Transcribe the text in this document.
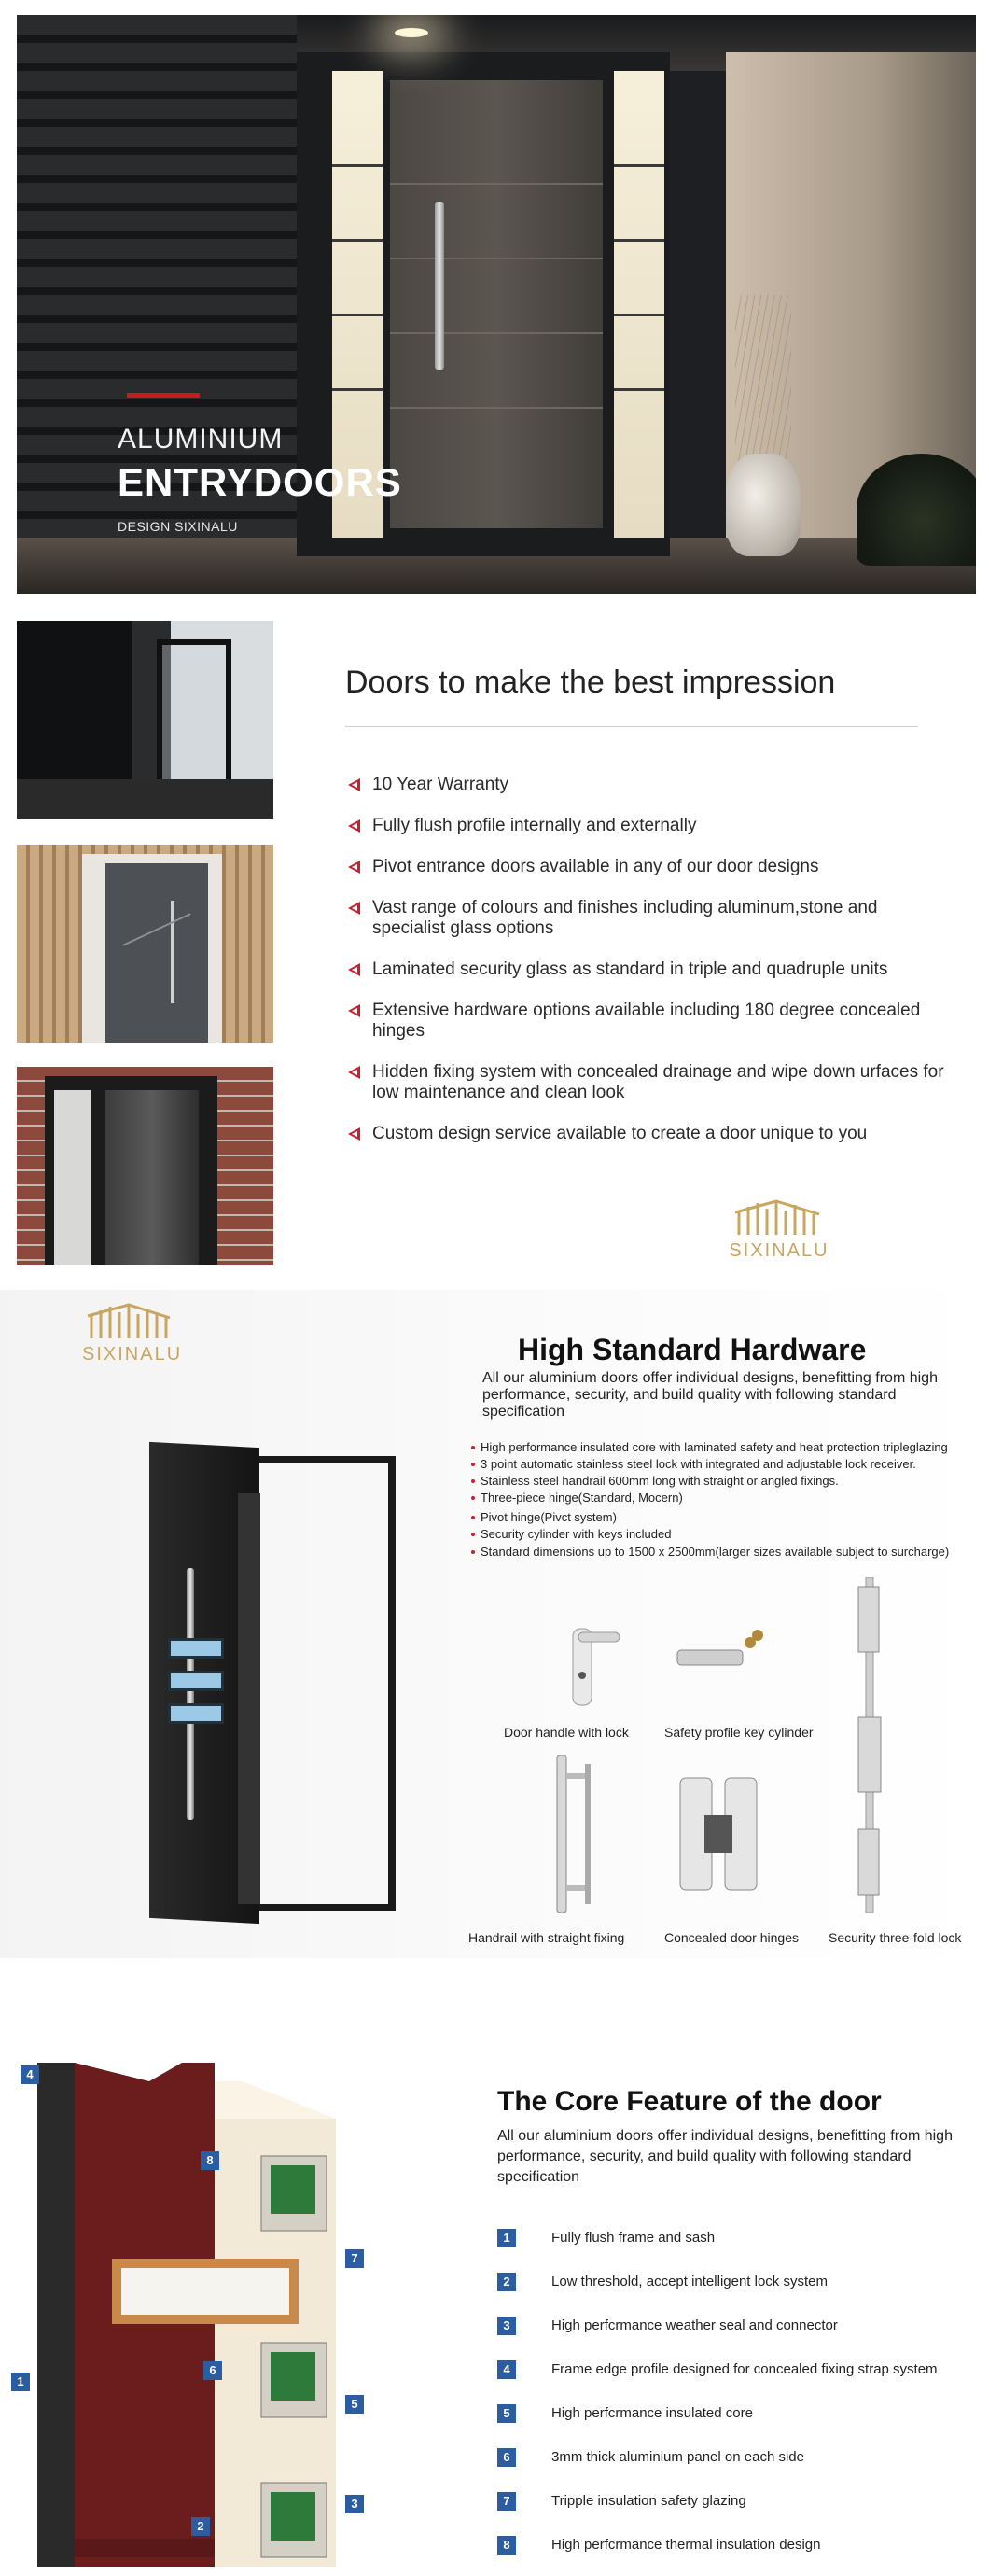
ALUMINIUM
ENTRYDOORS
DESIGN SIXINALU
Doors to make the best impression
10 Year Warranty
Fully flush profile internally and externally
Pivot entrance doors available in any of our door designs
Vast range of colours and finishes including aluminum,stone and specialist glass options
Laminated security glass as standard in triple and quadruple units
Extensive hardware options available including 180 degree concealed hinges
Hidden fixing system with concealed drainage and wipe down urfaces for low maintenance and clean look
Custom design service available to create a door unique to you
SIXINALU
SIXINALU	High Standard Hardware
All our aluminium doors offer individual designs, benefitting from high performance, security, and build quality with following standard specification
High performance insulated core with laminated safety and heat protection tripleglazing
3 point automatic stainless steel lock with integrated and adjustable lock receiver.
Stainless steel handrail 600mm long with straight or angled fixings.
Three-piece hinge(Standard, Mocern)
Pivot hinge(Pivct system)
Security cylinder with keys included
Standard dimensions up to 1500 x 2500mm(larger sizes available subject to surcharge)
Door handle with lock	Safety profile key cylinder
Handrail with straight fixing	Concealed door hinges Security three-fold lock
4
8
7
6
5
1
2
3
The Core Feature of the door
All our aluminium doors offer individual designs, benefitting from high performance, security, and build quality with following standard specification
1	Fully flush frame and sash
2	Low threshold, accept intelligent lock system
3	High perfcrmance weather seal and connector
4	Frame edge profile designed for concealed fixing strap system
5	High perfcrmance insulated core
6	3mm thick aluminium panel on each side
7	Tripple insulation safety glazing
8	High perfcrmance thermal insulation design
